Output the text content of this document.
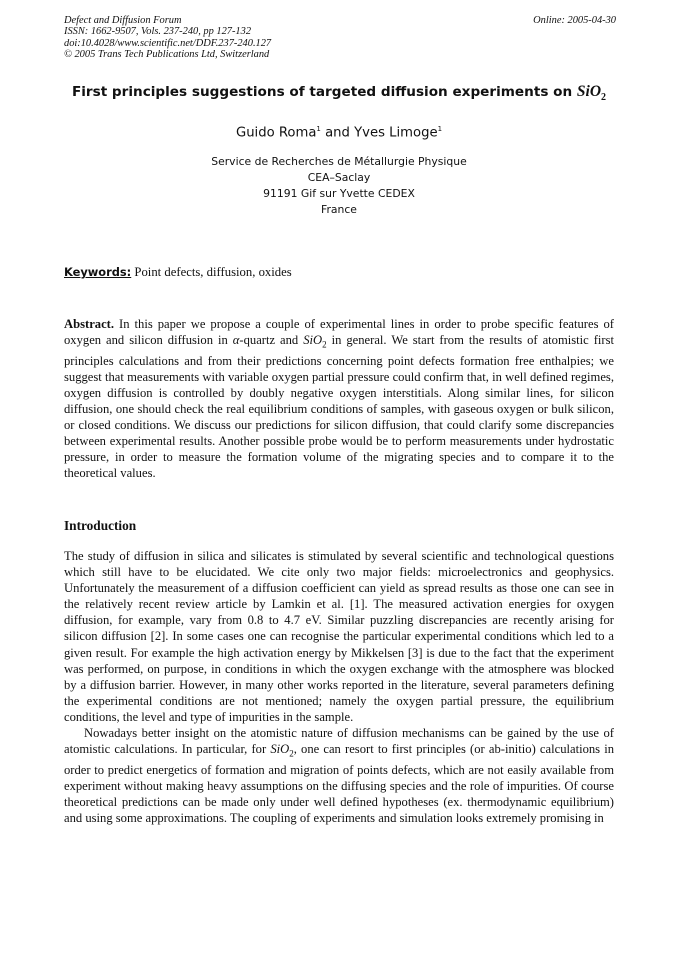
Defect and Diffusion Forum
ISSN: 1662-9507, Vols. 237-240, pp 127-132
doi:10.4028/www.scientific.net/DDF.237-240.127
© 2005 Trans Tech Publications Ltd, Switzerland
Online: 2005-04-30
First principles suggestions of targeted diffusion experiments on SiO$_2$
Guido Roma$^1$ and Yves Limoge$^1$
Service de Recherches de Métallurgie Physique
CEA–Saclay
91191 Gif sur Yvette CEDEX
France
Keywords: Point defects, diffusion, oxides
Abstract. In this paper we propose a couple of experimental lines in order to probe specific features of oxygen and silicon diffusion in α-quartz and SiO$_2$ in general. We start from the results of atomistic first principles calculations and from their predictions concerning point defects formation free enthalpies; we suggest that measurements with variable oxygen partial pressure could confirm that, in well defined regimes, oxygen diffusion is controlled by doubly negative oxygen interstitials. Along similar lines, for silicon diffusion, one should check the real equilibrium conditions of samples, with gaseous oxygen or bulk silicon, or closed conditions. We discuss our predictions for silicon diffusion, that could clarify some discrepancies between experimental results. Another possible probe would be to perform measurements under hydrostatic pressure, in order to measure the formation volume of the migrating species and to compare it to the theoretical values.
Introduction

The study of diffusion in silica and silicates is stimulated by several scientific and technological questions which still have to be elucidated. We cite only two major fields: microelectronics and geophysics. Unfortunately the measurement of a diffusion coefficient can yield as spread results as those one can see in the relatively recent review article by Lamkin et al. [1]. The measured activation energies for oxygen diffusion, for example, vary from 0.8 to 4.7 eV. Similar puzzling discrepancies are recently arising for silicon diffusion [2]. In some cases one can recognise the particular experimental conditions which led to a given result. For example the high activation energy by Mikkelsen [3] is due to the fact that the experiment was performed, on purpose, in conditions in which the oxygen exchange with the atmosphere was blocked by a diffusion barrier. However, in many other works reported in the literature, several parameters defining the experimental conditions are not mentioned; namely the oxygen partial pressure, the equilibrium conditions, the level and type of impurities in the sample.

Nowadays better insight on the atomistic nature of diffusion mechanisms can be gained by the use of atomistic calculations. In particular, for SiO$_2$, one can resort to first principles (or ab-initio) calculations in order to predict energetics of formation and migration of points defects, which are not easily available from experiment without making heavy assumptions on the diffusing species and the role of impurities. Of course theoretical predictions can be made only under well defined hypotheses (ex. thermodynamic equilibrium) and using some approximations. The coupling of experiments and simulation looks extremely promising in
